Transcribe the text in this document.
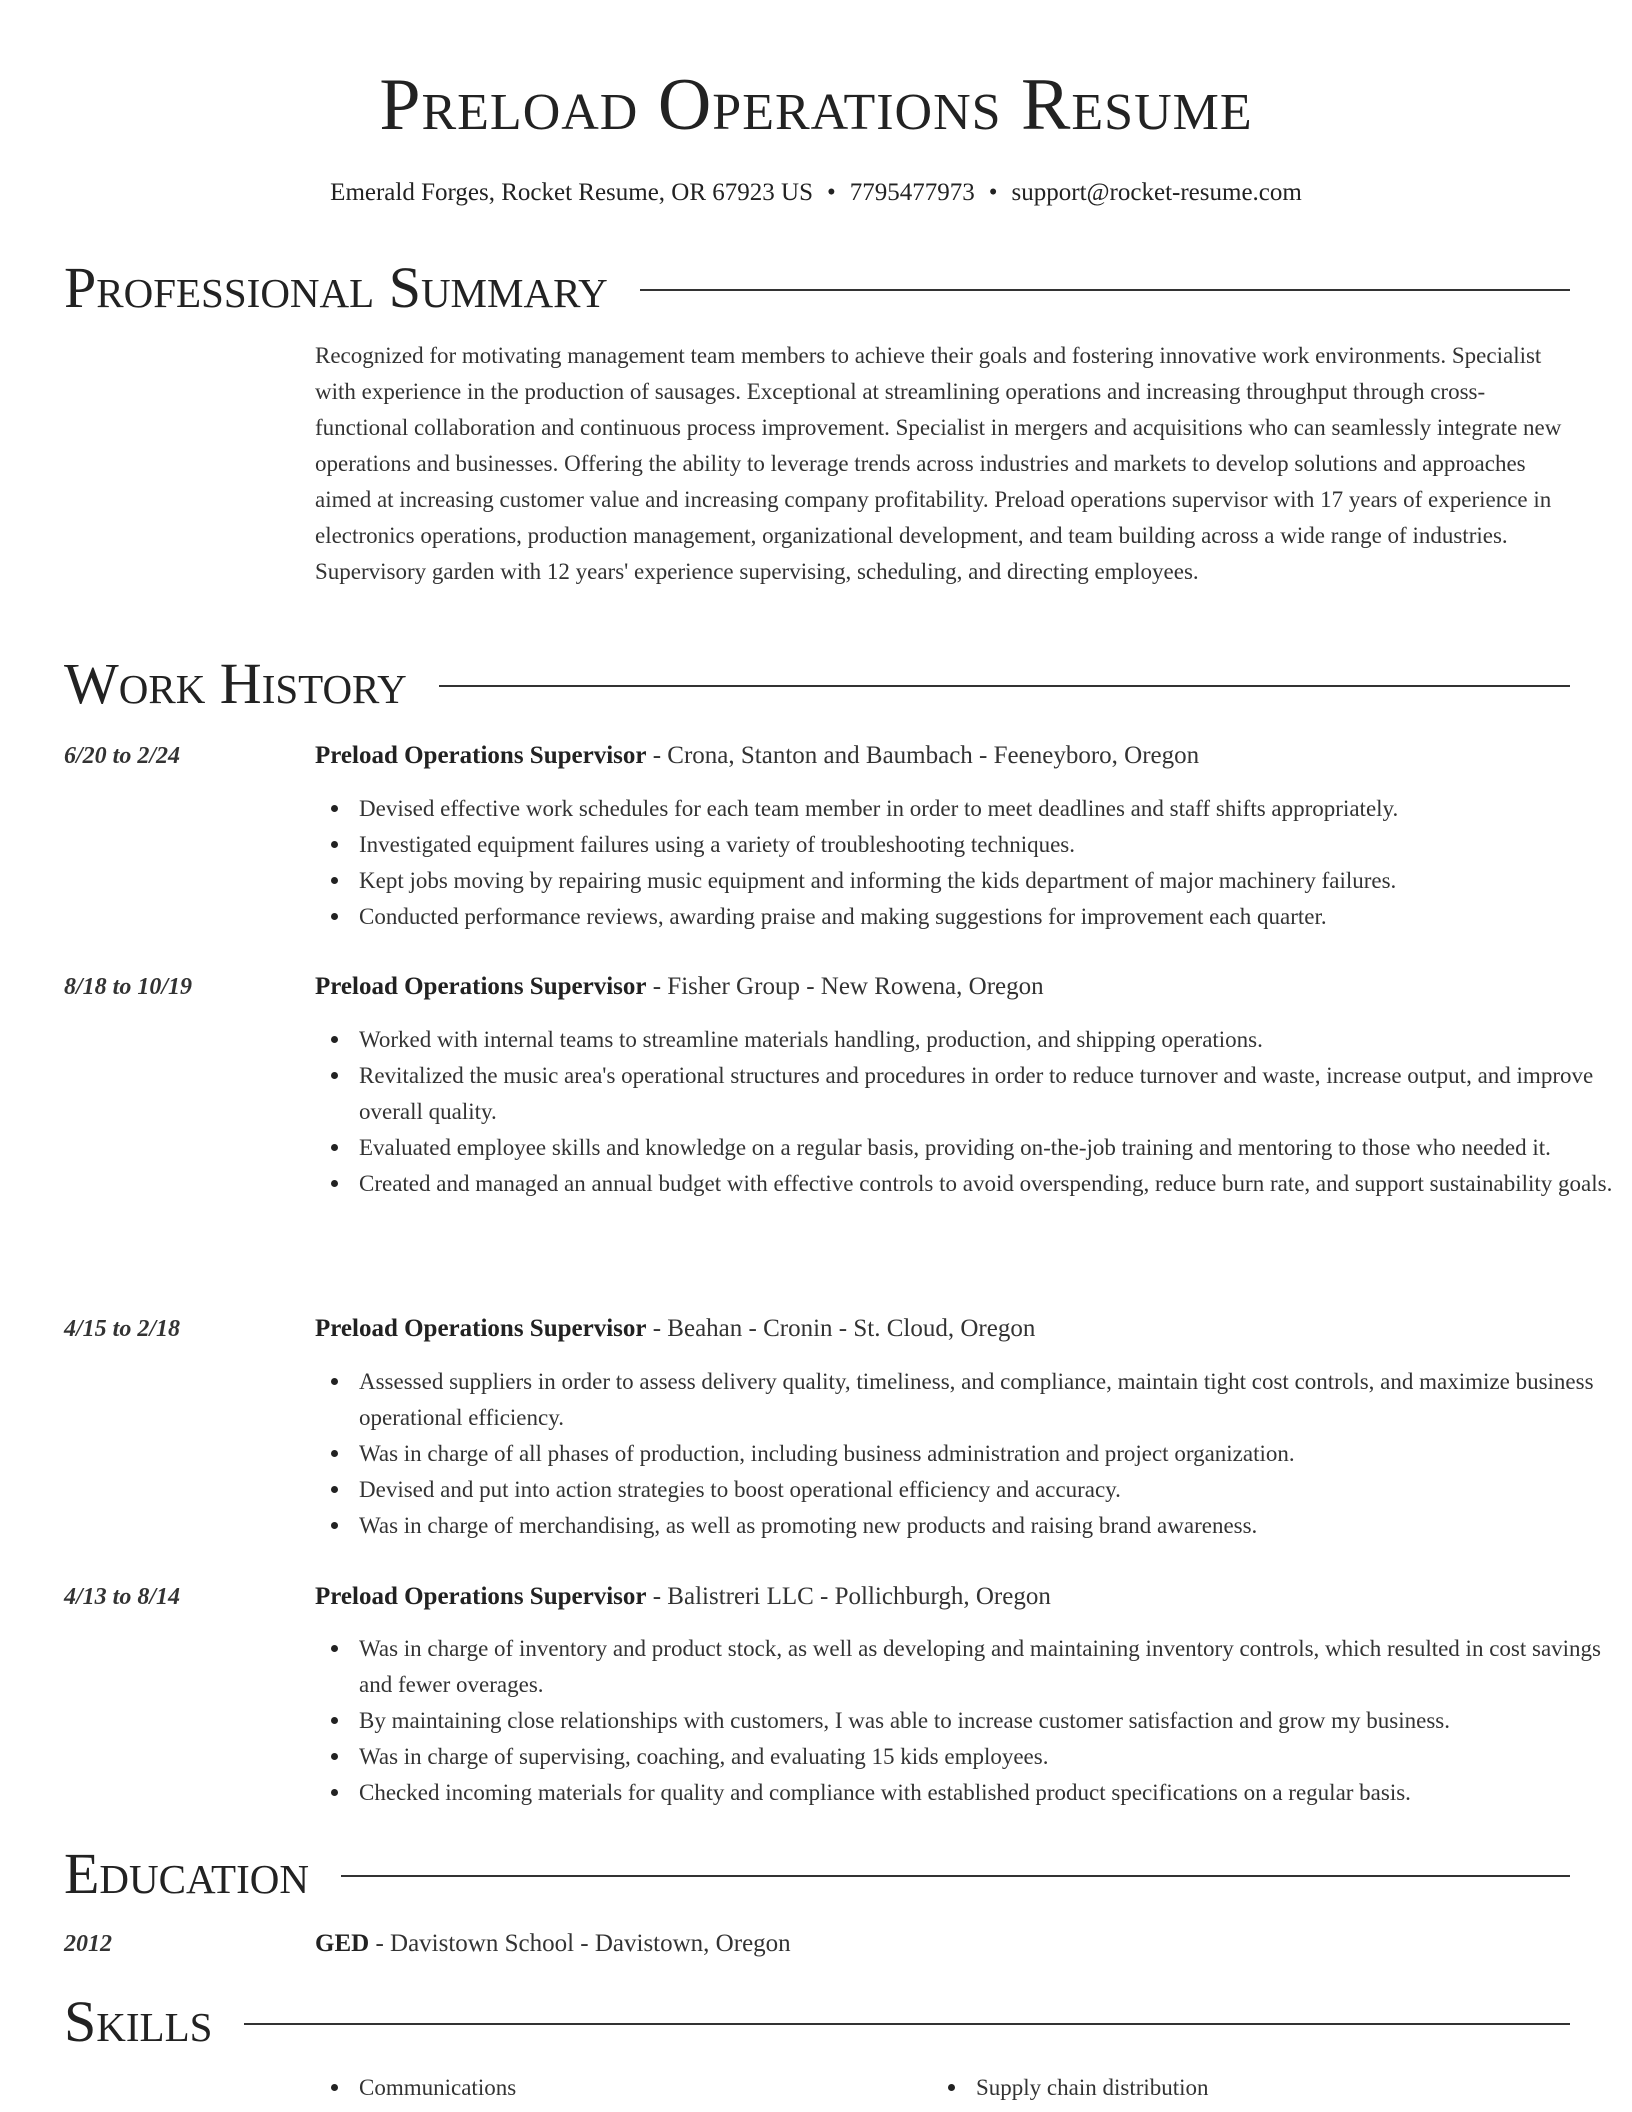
Preload Operations Resume
Emerald Forges, Rocket Resume, OR 67923 US • 7795477973 • support@rocket-resume.com
Professional Summary

Recognized for motivating management team members to achieve their goals and fostering innovative work environments. Specialist with experience in the production of sausages. Exceptional at streamlining operations and increasing throughput through cross-functional collaboration and continuous process improvement. Specialist in mergers and acquisitions who can seamlessly integrate new operations and businesses. Offering the ability to leverage trends across industries and markets to develop solutions and approaches aimed at increasing customer value and increasing company profitability. Preload operations supervisor with 17 years of experience in electronics operations, production management, organizational development, and team building across a wide range of industries. Supervisory garden with 12 years' experience supervising, scheduling, and directing employees.

Work History
6/20 to 2/24	Preload Operations Supervisor - Crona, Stanton and Baumbach - Feeneyboro, Oregon
Devised effective work schedules for each team member in order to meet deadlines and staff shifts appropriately.
Investigated equipment failures using a variety of troubleshooting techniques.
Kept jobs moving by repairing music equipment and informing the kids department of major machinery failures.
Conducted performance reviews, awarding praise and making suggestions for improvement each quarter.
8/18 to 10/19	Preload Operations Supervisor - Fisher Group - New Rowena, Oregon
Worked with internal teams to streamline materials handling, production, and shipping operations.
Revitalized the music area's operational structures and procedures in order to reduce turnover and waste, increase output, and improve overall quality.
Evaluated employee skills and knowledge on a regular basis, providing on-the-job training and mentoring to those who needed it.
Created and managed an annual budget with effective controls to avoid overspending, reduce burn rate, and support sustainability goals.
4/15 to 2/18	Preload Operations Supervisor - Beahan - Cronin - St. Cloud, Oregon
Assessed suppliers in order to assess delivery quality, timeliness, and compliance, maintain tight cost controls, and maximize business operational efficiency.
Was in charge of all phases of production, including business administration and project organization.
Devised and put into action strategies to boost operational efficiency and accuracy.
Was in charge of merchandising, as well as promoting new products and raising brand awareness.
4/13 to 8/14	Preload Operations Supervisor - Balistreri LLC - Pollichburgh, Oregon
Was in charge of inventory and product stock, as well as developing and maintaining inventory controls, which resulted in cost savings and fewer overages.
By maintaining close relationships with customers, I was able to increase customer satisfaction and grow my business.
Was in charge of supervising, coaching, and evaluating 15 kids employees.
Checked incoming materials for quality and compliance with established product specifications on a regular basis.
Education
2012	GED - Davistown School - Davistown, Oregon
Skills
Communications	Supply chain distribution
